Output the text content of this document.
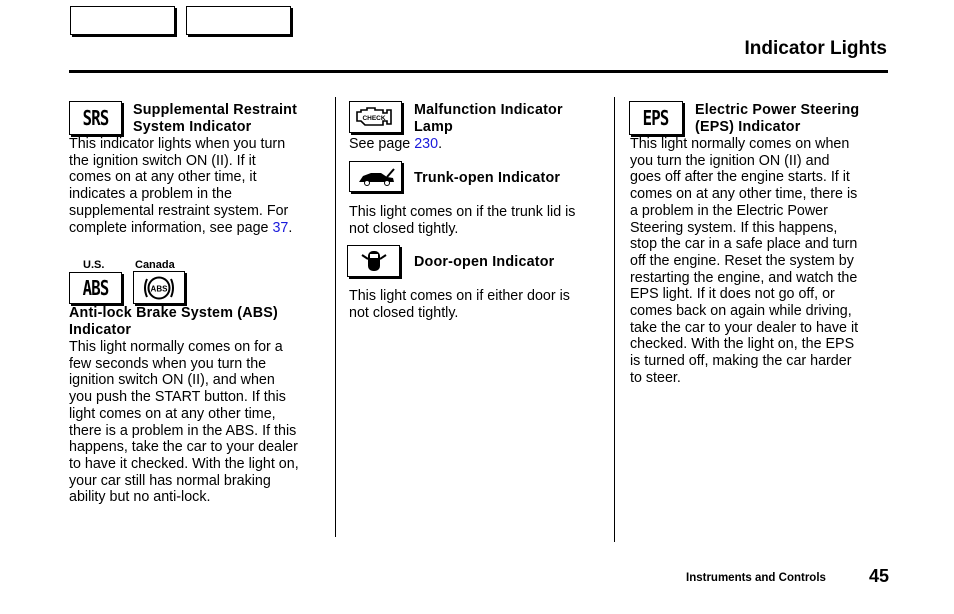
Indicator Lights
SRS Supplemental Restraint
System Indicator
This indicator lights when you turn
the ignition switch ON (II). If it
comes on at any other time, it
indicates a problem in the
supplemental restraint system. For
complete information, see page 37.
U.S.	Canada
ABS	ABS
Anti-lock Brake System (ABS)
Indicator
This light normally comes on for a
few seconds when you turn the
ignition switch ON (II), and when
you push the START button. If this
light comes on at any other time,
there is a problem in the ABS. If this
happens, take the car to your dealer
to have it checked. With the light on,
your car still has normal braking
ability but no anti-lock.
CHECK
Malfunction Indicator
Lamp
See page 230.
Trunk-open Indicator
This light comes on if the trunk lid is
not closed tightly.
Door-open Indicator
This light comes on if either door is
not closed tightly.
EPS Electric Power Steering
(EPS) Indicator
This light normally comes on when
you turn the ignition ON (II) and
goes off after the engine starts. If it
comes on at any other time, there is
a problem in the Electric Power
Steering system. If this happens,
stop the car in a safe place and turn
off the engine. Reset the system by
restarting the engine, and watch the
EPS light. If it does not go off, or
comes back on again while driving,
take the car to your dealer to have it
checked. With the light on, the EPS
is turned off, making the car harder
to steer.
Instruments and Controls 45
